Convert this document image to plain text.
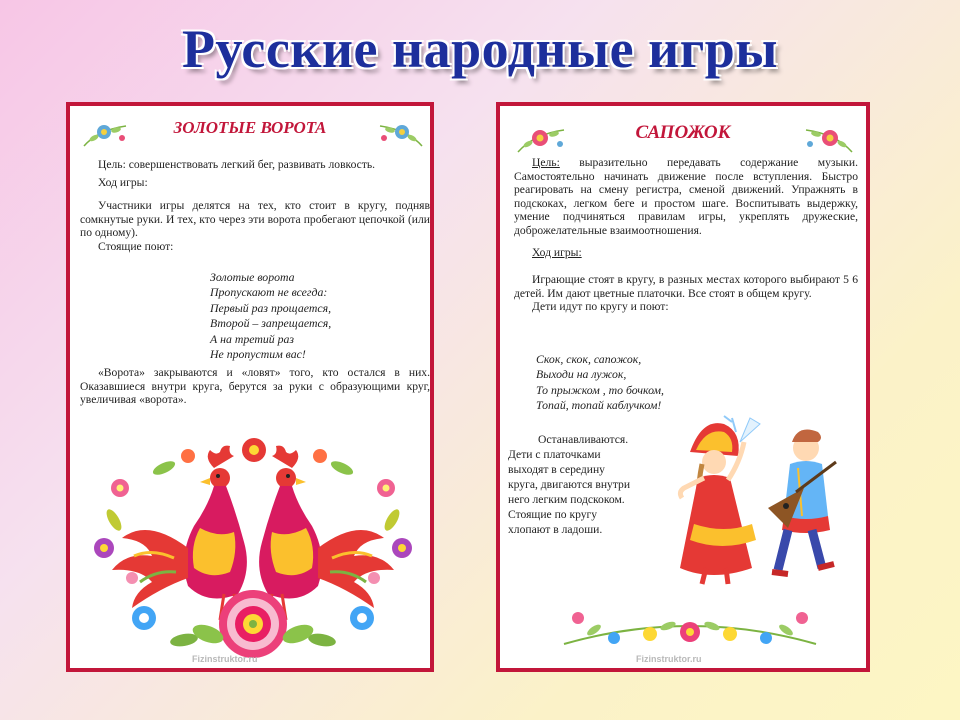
Русские народные игры
ЗОЛОТЫЕ ВОРОТА

Цель: совершенствовать легкий бег, развивать ловкость.

Ход игры:

Участники игры делятся на тех, кто стоит в кругу, подняв сомкнутые руки. И тех, кто через эти ворота пробегают цепочкой (или по одному).

Стоящие поют:

Золотые ворота
Пропускают не всегда:
Первый раз прощается,
Второй – запрещается,
А на третий раз
Не пропустим вас!

«Ворота» закрываются и «ловят» того, кто остался в них. Оказавшиеся внутри круга, берутся за руки с образующими круг, увеличивая «ворота».

Fizinstruktor.ru
САПОЖОК

Цель: выразительно передавать содержание музыки. Самостоятельно начинать движение после вступления. Быстро реагировать на смену регистра, сменой движений. Упражнять в подскоках, легком беге и простом шаге. Воспитывать выдержку, умение подчиняться правилам игры, укреплять дружеские, доброжелательные взаимоотношения.

Ход игры:

Играющие стоят в кругу, в разных местах которого выбирают 5 6 детей. Им дают цветные платочки. Все стоят в общем кругу.

Дети идут по кругу и поют:

Скок, скок, сапожок,
Выходи на лужок,
То прыжком , то бочком,
Топай, топай каблучком!
Останавливаются.
Дети с платочками
выходят в середину
круга, двигаются внутри
него легким подскоком.
Стоящие по кругу
хлопают в ладоши.
Fizinstruktor.ru
